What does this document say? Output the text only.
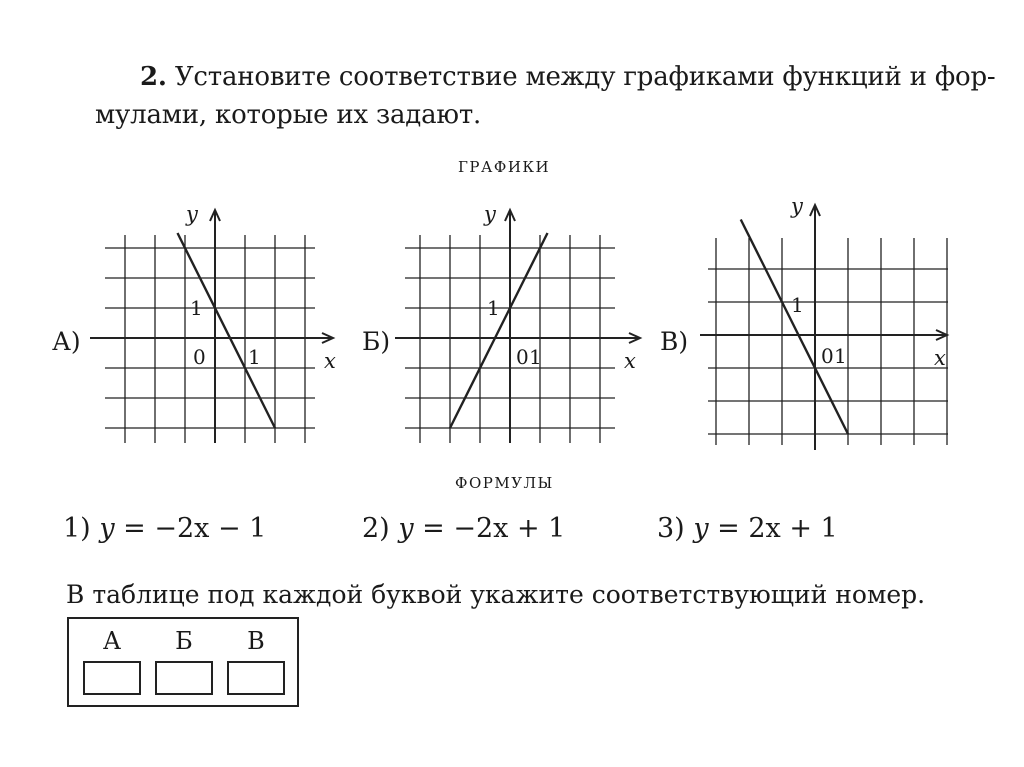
2. Установите соответствие между графиками функций и фор-
мулами, которые их задают.
ГРАФИКИ
А)	Б)	В)
y
x
1
0 1
y
x
1
0 1
y
x
1
0 1
ФОРМУЛЫ
1) y = −2x − 1	2) y = −2x + 1	3) y = 2x + 1
В таблице под каждой буквой укажите соответствующий номер.
А	Б	В
